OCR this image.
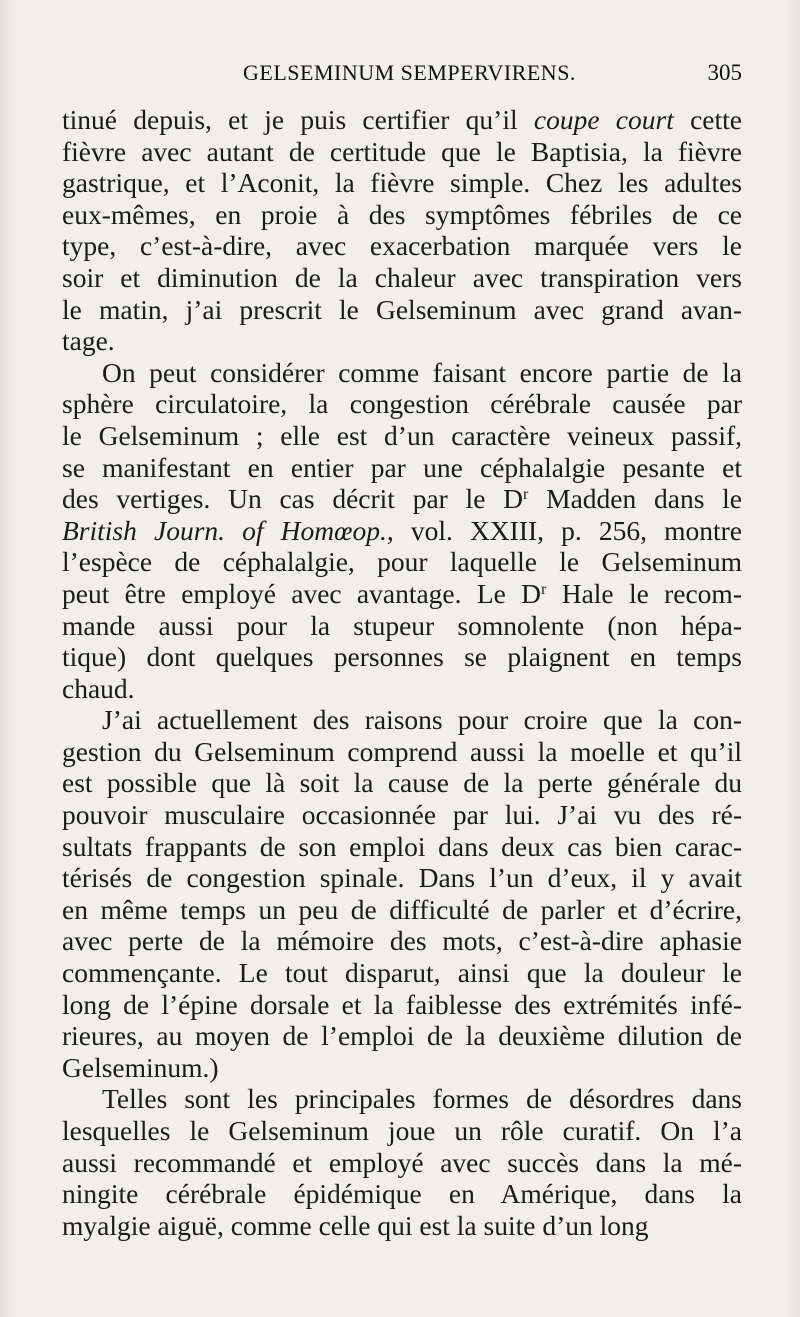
GELSEMINUM SEMPERVIRENS.	305
tinué depuis, et je puis certifier qu’il coupe court cette
fièvre avec autant de certitude que le Baptisia, la fièvre
gastrique, et l’Aconit, la fièvre simple. Chez les adultes
eux-mêmes, en proie à des symptômes fébriles de ce
type, c’est-à-dire, avec exacerbation marquée vers le
soir et diminution de la chaleur avec transpiration vers
le matin, j’ai prescrit le Gelseminum avec grand avan-
tage.
On peut considérer comme faisant encore partie de la
sphère circulatoire, la congestion cérébrale causée par
le Gelseminum ; elle est d’un caractère veineux passif,
se manifestant en entier par une céphalalgie pesante et
des vertiges. Un cas décrit par le $D^r$ Madden dans le
British Journ. of Homœop., vol. XXIII, p. 256, montre
l’espèce de céphalalgie, pour laquelle le Gelseminum
peut être employé avec avantage. Le $D^r$ Hale le recom-
mande aussi pour la stupeur somnolente (non hépa-
tique) dont quelques personnes se plaignent en temps
chaud.
J’ai actuellement des raisons pour croire que la con-
gestion du Gelseminum comprend aussi la moelle et qu’il
est possible que là soit la cause de la perte générale du
pouvoir musculaire occasionnée par lui. J’ai vu des ré-
sultats frappants de son emploi dans deux cas bien carac-
térisés de congestion spinale. Dans l’un d’eux, il y avait
en même temps un peu de difficulté de parler et d’écrire,
avec perte de la mémoire des mots, c’est-à-dire aphasie
commençante. Le tout disparut, ainsi que la douleur le
long de l’épine dorsale et la faiblesse des extrémités infé-
rieures, au moyen de l’emploi de la deuxième dilution de
Gelseminum.)
Telles sont les principales formes de désordres dans
lesquelles le Gelseminum joue un rôle curatif. On l’a
aussi recommandé et employé avec succès dans la mé-
ningite cérébrale épidémique en Amérique, dans la
myalgie aiguë, comme celle qui est la suite d’un long
